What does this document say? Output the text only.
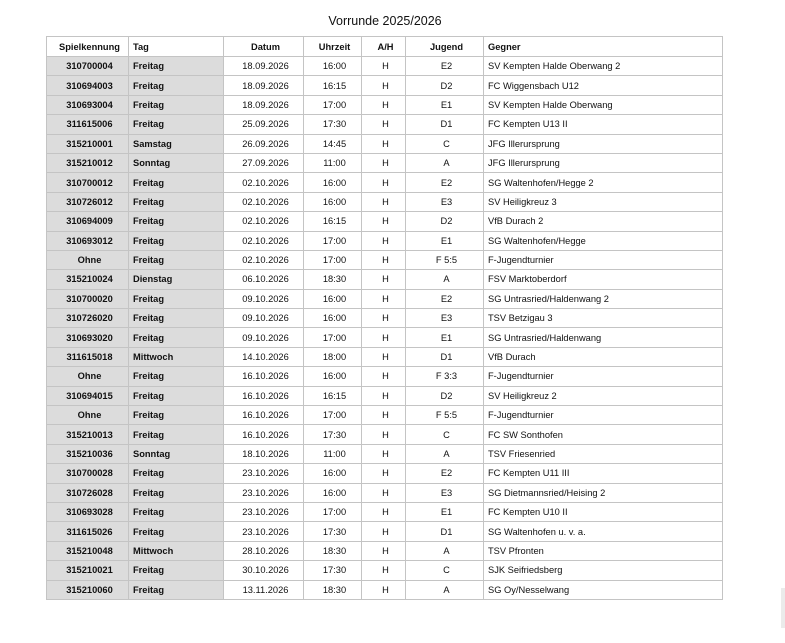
Vorrunde 2025/2026
Spielkennung	Tag	Datum	Uhrzeit	A/H	Jugend	Gegner
310700004	Freitag	18.09.2026	16:00	H	E2	SV Kempten Halde Oberwang 2
310694003	Freitag	18.09.2026	16:15	H	D2	FC Wiggensbach U12
310693004	Freitag	18.09.2026	17:00	H	E1	SV Kempten Halde Oberwang
311615006	Freitag	25.09.2026	17:30	H	D1	FC Kempten U13 II
315210001	Samstag	26.09.2026	14:45	H	C	JFG Illerursprung
315210012	Sonntag	27.09.2026	11:00	H	A	JFG Illerursprung
310700012	Freitag	02.10.2026	16:00	H	E2	SG Waltenhofen/Hegge 2
310726012	Freitag	02.10.2026	16:00	H	E3	SV Heiligkreuz 3
310694009	Freitag	02.10.2026	16:15	H	D2	VfB Durach 2
310693012	Freitag	02.10.2026	17:00	H	E1	SG Waltenhofen/Hegge
Ohne	Freitag	02.10.2026	17:00	H	F 5:5	F-Jugendturnier
315210024	Dienstag	06.10.2026	18:30	H	A	FSV Marktoberdorf
310700020	Freitag	09.10.2026	16:00	H	E2	SG Untrasried/Haldenwang 2
310726020	Freitag	09.10.2026	16:00	H	E3	TSV Betzigau 3
310693020	Freitag	09.10.2026	17:00	H	E1	SG Untrasried/Haldenwang
311615018	Mittwoch	14.10.2026	18:00	H	D1	VfB Durach
Ohne	Freitag	16.10.2026	16:00	H	F 3:3	F-Jugendturnier
310694015	Freitag	16.10.2026	16:15	H	D2	SV Heiligkreuz 2
Ohne	Freitag	16.10.2026	17:00	H	F 5:5	F-Jugendturnier
315210013	Freitag	16.10.2026	17:30	H	C	FC SW Sonthofen
315210036	Sonntag	18.10.2026	11:00	H	A	TSV Friesenried
310700028	Freitag	23.10.2026	16:00	H	E2	FC Kempten U11 III
310726028	Freitag	23.10.2026	16:00	H	E3	SG Dietmannsried/Heising 2
310693028	Freitag	23.10.2026	17:00	H	E1	FC Kempten U10 II
311615026	Freitag	23.10.2026	17:30	H	D1	SG Waltenhofen u. v. a.
315210048	Mittwoch	28.10.2026	18:30	H	A	TSV Pfronten
315210021	Freitag	30.10.2026	17:30	H	C	SJK Seifriedsberg
315210060	Freitag	13.11.2026	18:30	H	A	SG Oy/Nesselwang
